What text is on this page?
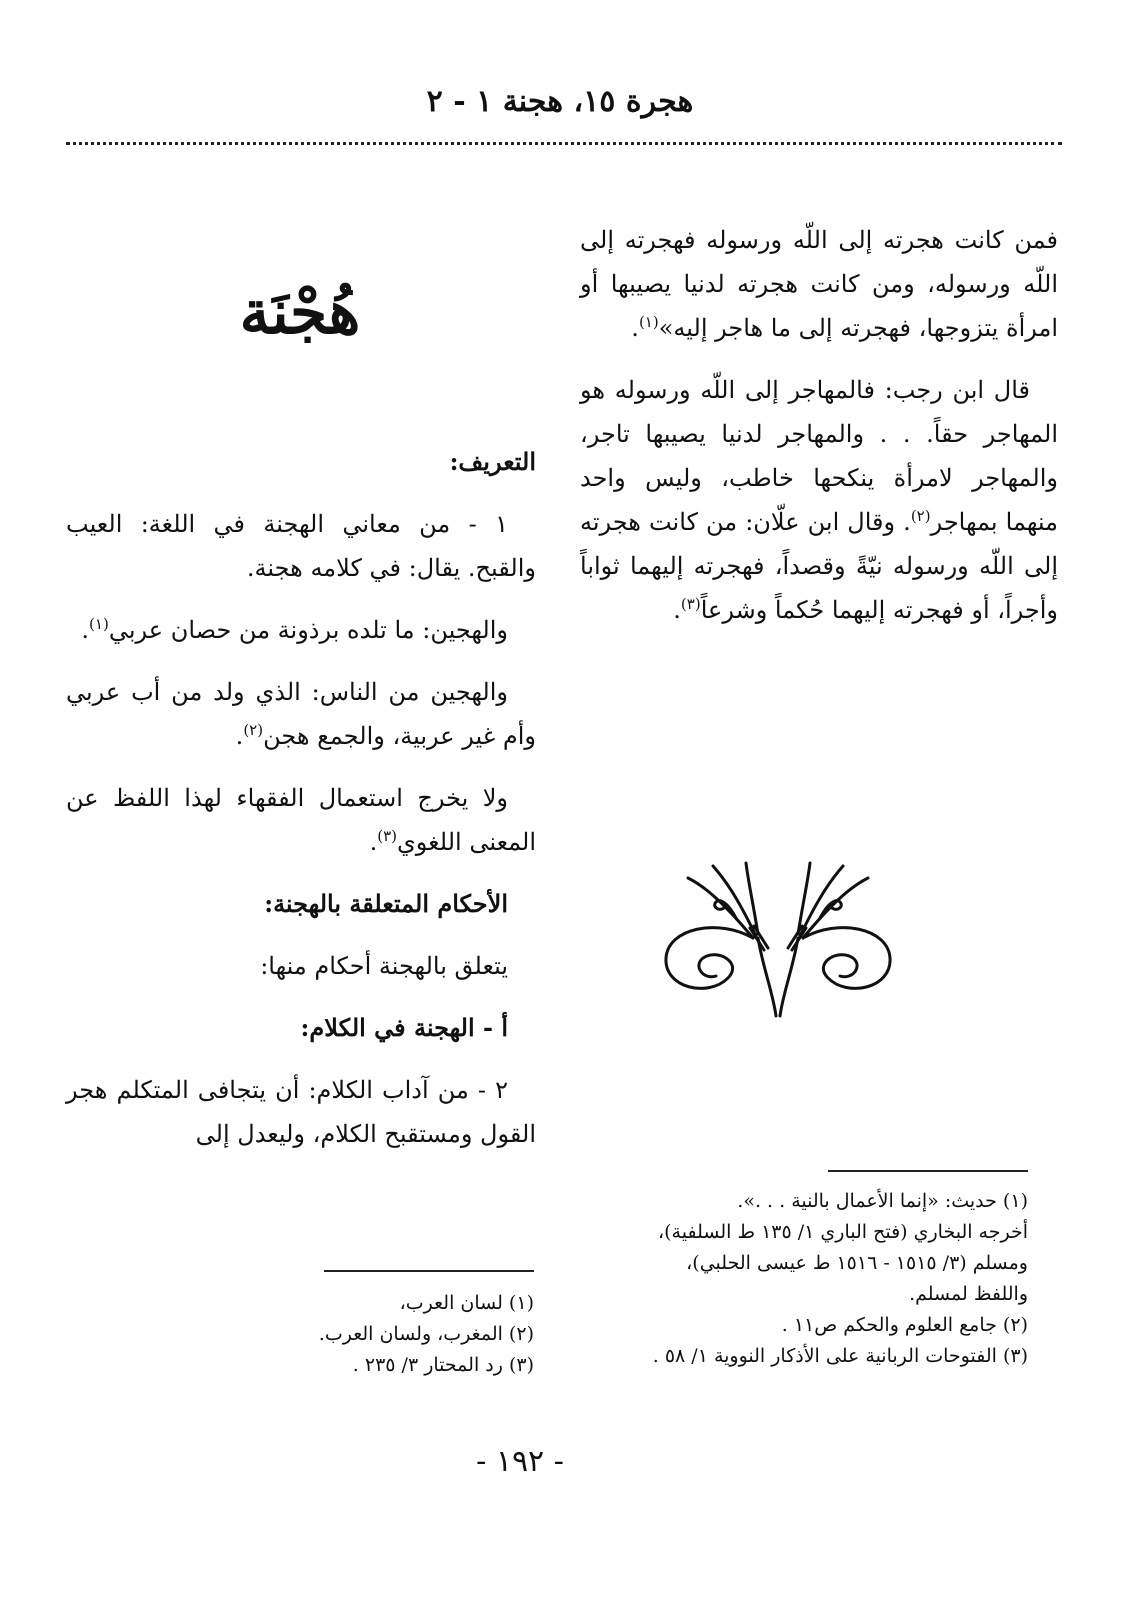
هجرة ١٥، هجنة ١ - ٢

فمن كانت هجرته إلى اللّه ورسوله فهجرته إلى اللّه ورسوله، ومن كانت هجرته لدنيا يصيبها أو امرأة يتزوجها، فهجرته إلى ما هاجر إليه»$^{(١)}$.

قال ابن رجب: فالمهاجر إلى اللّه ورسوله هو المهاجر حقاً. . . والمهاجر لدنيا يصيبها تاجر، والمهاجر لامرأة ينكحها خاطب، وليس واحد منهما بمهاجر$^{(٢)}$. وقال ابن علّان: من كانت هجرته إلى اللّه ورسوله نيّةً وقصداً، فهجرته إليهما ثواباً وأجراً، أو فهجرته إليهما حُكماً وشرعاً$^{(٣)}$.

هُجْنَة

التعريف:

١ - من معاني الهجنة في اللغة: العيب والقبح. يقال: في كلامه هجنة.

والهجين: ما تلده برذونة من حصان عربي$^{(١)}$.

والهجين من الناس: الذي ولد من أب عربي وأم غير عربية، والجمع هجن$^{(٢)}$.

ولا يخرج استعمال الفقهاء لهذا اللفظ عن المعنى اللغوي$^{(٣)}$.

الأحكام المتعلقة بالهجنة:

يتعلق بالهجنة أحكام منها:

أ - الهجنة في الكلام:

٢ - من آداب الكلام: أن يتجافى المتكلم هجر القول ومستقبح الكلام، وليعدل إلى

(١) حديث: «إنما الأعمال بالنية . . .».
أخرجه البخاري (فتح الباري ١/ ١٣٥ ط السلفية)،
ومسلم (٣/ ١٥١٥ - ١٥١٦ ط عيسى الحلبي)،
واللفظ لمسلم.
(٢) جامع العلوم والحكم ص١١ .
(٣) الفتوحات الربانية على الأذكار النووية ١/ ٥٨ .
(١) لسان العرب،
(٢) المغرب، ولسان العرب.
(٣) رد المحتار ٣/ ٢٣٥ .
- ١٩٢ -
